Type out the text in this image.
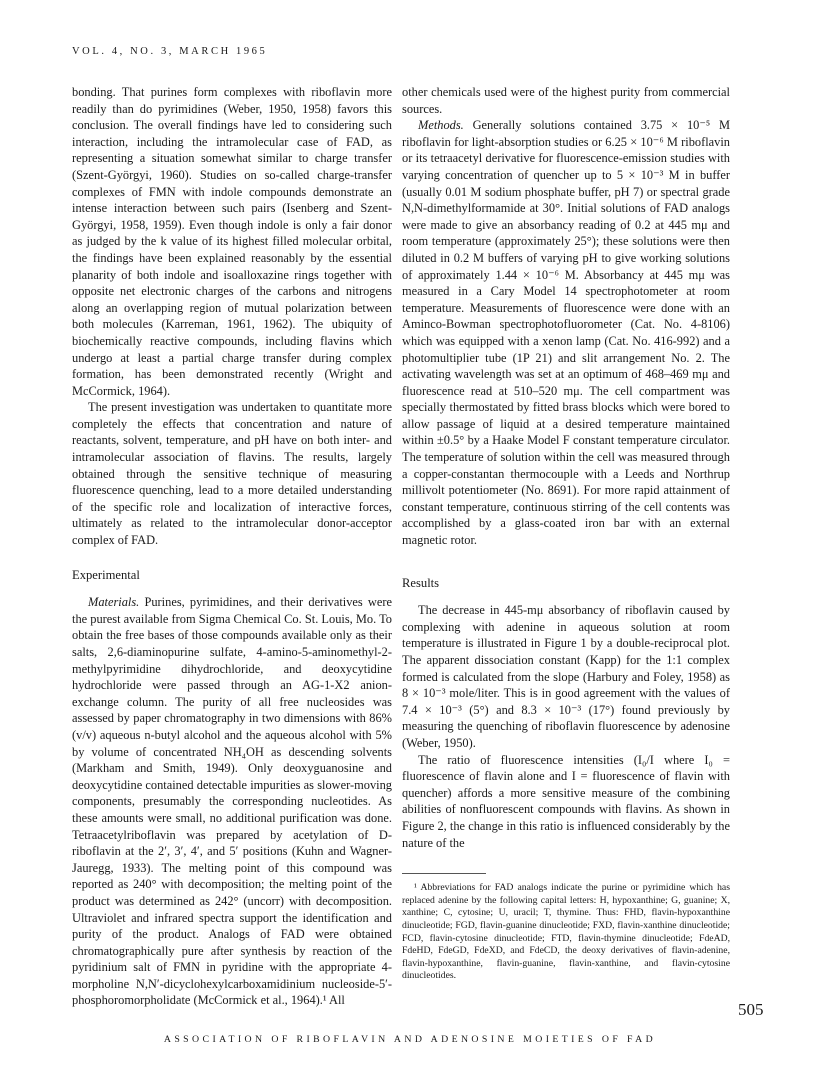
VOL. 4, NO. 3, MARCH 1965

bonding. That purines form complexes with riboflavin more readily than do pyrimidines (Weber, 1950, 1958) favors this conclusion. The overall findings have led to considering such interaction, including the intramolecular case of FAD, as representing a situation somewhat similar to charge transfer (Szent-Györgyi, 1960). Studies on so-called charge-transfer complexes of FMN with indole compounds demonstrate an intense interaction between such pairs (Isenberg and Szent-Györgyi, 1958, 1959). Even though indole is only a fair donor as judged by the k value of its highest filled molecular orbital, the findings have been explained reasonably by the essential planarity of both indole and isoalloxazine rings together with opposite net electronic charges of the carbons and nitrogens along an overlapping region of mutual polarization between both molecules (Karreman, 1961, 1962). The ubiquity of biochemically reactive compounds, including flavins which undergo at least a partial charge transfer during complex formation, has been demonstrated recently (Wright and McCormick, 1964).

The present investigation was undertaken to quantitate more completely the effects that concentration and nature of reactants, solvent, temperature, and pH have on both inter- and intramolecular association of flavins. The results, largely obtained through the sensitive technique of measuring fluorescence quenching, lead to a more detailed understanding of the specific role and localization of interactive forces, ultimately as related to the intramolecular donor-acceptor complex of FAD.

Experimental

Materials. Purines, pyrimidines, and their derivatives were the purest available from Sigma Chemical Co. St. Louis, Mo. To obtain the free bases of those compounds available only as their salts, 2,6-diaminopurine sulfate, 4-amino-5-aminomethyl-2-methylpyrimidine dihydrochloride, and deoxycytidine hydrochloride were passed through an AG-1-X2 anion-exchange column. The purity of all free nucleosides was assessed by paper chromatography in two dimensions with 86% (v/v) aqueous n-butyl alcohol and the aqueous alcohol with 5% by volume of concentrated NH₄OH as descending solvents (Markham and Smith, 1949). Only deoxyguanosine and deoxycytidine contained detectable impurities as slower-moving components, presumably the corresponding nucleotides. As these amounts were small, no additional purification was done. Tetraacetylriboflavin was prepared by acetylation of D-riboflavin at the 2′, 3′, 4′, and 5′ positions (Kuhn and Wagner-Jauregg, 1933). The melting point of this compound was reported as 240° with decomposition; the melting point of the product was determined as 242° (uncorr) with decomposition. Ultraviolet and infrared spectra support the identification and purity of the product. Analogs of FAD were obtained chromatographically pure after synthesis by reaction of the pyridinium salt of FMN in pyridine with the appropriate 4-morpholine N,N′-dicyclohexylcarboxamidinium nucleoside-5′-phosphoromorpholidate (McCormick et al., 1964).¹ All

other chemicals used were of the highest purity from commercial sources.

Methods. Generally solutions contained 3.75 × 10⁻⁵ M riboflavin for light-absorption studies or 6.25 × 10⁻⁶ M riboflavin or its tetraacetyl derivative for fluorescence-emission studies with varying concentration of quencher up to 5 × 10⁻³ M in buffer (usually 0.01 M sodium phosphate buffer, pH 7) or spectral grade N,N-dimethylformamide at 30°. Initial solutions of FAD analogs were made to give an absorbancy reading of 0.2 at 445 mμ and room temperature (approximately 25°); these solutions were then diluted in 0.2 M buffers of varying pH to give working solutions of approximately 1.44 × 10⁻⁶ M. Absorbancy at 445 mμ was measured in a Cary Model 14 spectrophotometer at room temperature. Measurements of fluorescence were done with an Aminco-Bowman spectrophotofluorometer (Cat. No. 4-8106) which was equipped with a xenon lamp (Cat. No. 416-992) and a photomultiplier tube (1P 21) and slit arrangement No. 2. The activating wavelength was set at an optimum of 468–469 mμ and fluorescence read at 510–520 mμ. The cell compartment was specially thermostated by fitted brass blocks which were bored to allow passage of liquid at a desired temperature maintained within ±0.5° by a Haake Model F constant temperature circulator. The temperature of solution within the cell was measured through a copper-constantan thermocouple with a Leeds and Northrup millivolt potentiometer (No. 8691). For more rapid attainment of constant temperature, continuous stirring of the cell contents was accomplished by a glass-coated iron bar with an external magnetic rotor.

Results

The decrease in 445-mμ absorbancy of riboflavin caused by complexing with adenine in aqueous solution at room temperature is illustrated in Figure 1 by a double-reciprocal plot. The apparent dissociation constant (Kapp) for the 1:1 complex formed is calculated from the slope (Harbury and Foley, 1958) as 8 × 10⁻³ mole/liter. This is in good agreement with the values of 7.4 × 10⁻³ (5°) and 8.3 × 10⁻³ (17°) found previously by measuring the quenching of riboflavin fluorescence by adenosine (Weber, 1950).

The ratio of fluorescence intensities (I₀/I where I₀ = fluorescence of flavin alone and I = fluorescence of flavin with quencher) affords a more sensitive measure of the combining abilities of nonfluorescent compounds with flavins. As shown in Figure 2, the change in this ratio is influenced considerably by the nature of the

¹ Abbreviations for FAD analogs indicate the purine or pyrimidine which has replaced adenine by the following capital letters: H, hypoxanthine; G, guanine; X, xanthine; C, cytosine; U, uracil; T, thymine. Thus: FHD, flavin-hypoxanthine dinucleotide; FGD, flavin-guanine dinucleotide; FXD, flavin-xanthine dinucleotide; FCD, flavin-cytosine dinucleotide; FTD, flavin-thymine dinucleotide; FdeAD, FdeHD, FdeGD, FdeXD, and FdeCD, the deoxy derivatives of flavin-adenine, flavin-hypoxanthine, flavin-guanine, flavin-xanthine, and flavin-cytosine dinucleotides.

505
ASSOCIATION OF RIBOFLAVIN AND ADENOSINE MOIETIES OF FAD
